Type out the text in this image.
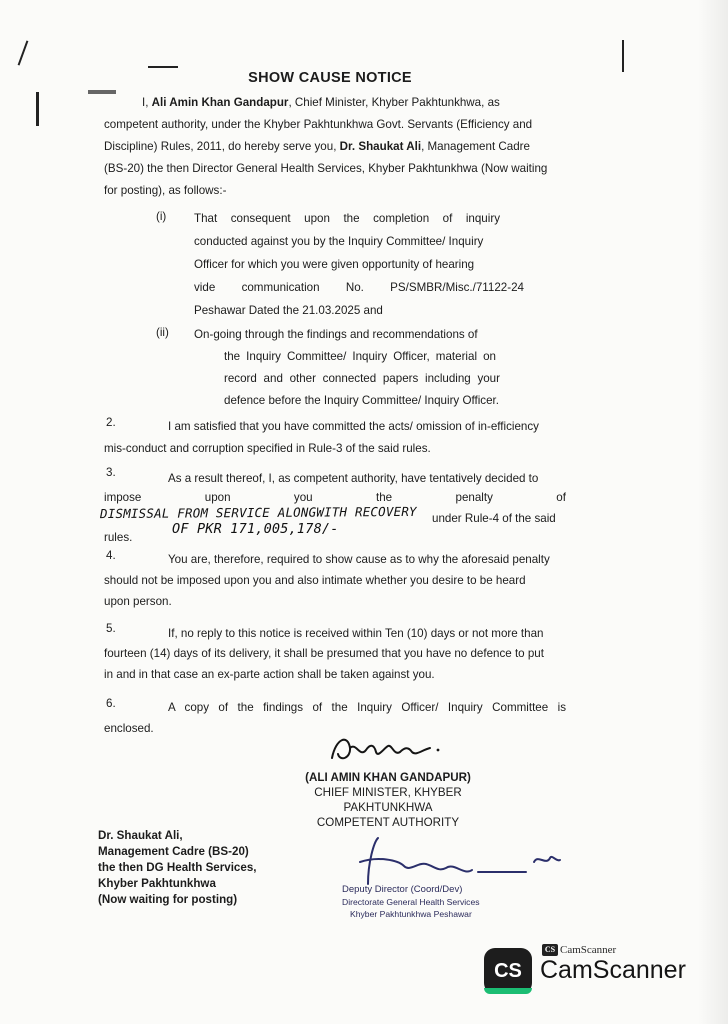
SHOW CAUSE NOTICE
I, Ali Amin Khan Gandapur, Chief Minister, Khyber Pakhtunkhwa, as
competent authority, under the Khyber Pakhtunkhwa Govt. Servants (Efficiency and
Discipline) Rules, 2011, do hereby serve you, Dr. Shaukat Ali, Management Cadre
(BS-20) the then Director General Health Services, Khyber Pakhtunkhwa (Now waiting
for posting), as follows:-
(i) That consequent upon the completion of inquiry
conducted against you by the Inquiry Committee/ Inquiry
Officer for which you were given opportunity of hearing
vide communication No. PS/SMBR/Misc./71122-24
Peshawar Dated the 21.03.2025 and
(ii) On-going through the findings and recommendations of
the Inquiry Committee/ Inquiry Officer, material on
record and other connected papers including your
defence before the Inquiry Committee/ Inquiry Officer.
2.	I am satisfied that you have committed the acts/ omission of in-efficiency
mis-conduct and corruption specified in Rule-3 of the said rules.
3.	As a result thereof, I, as competent authority, have tentatively decided to
impose	upon	you	the	penalty	of
DISMISSAL FROM SERVICE ALONGWITH RECOVERY under Rule-4 of the said
rules.
OF PKR 171,005,178/-
4.	You are, therefore, required to show cause as to why the aforesaid penalty
should not be imposed upon you and also intimate whether you desire to be heard
upon person.
5.	If, no reply to this notice is received within Ten (10) days or not more than
fourteen (14) days of its delivery, it shall be presumed that you have no defence to put
in and in that case an ex-parte action shall be taken against you.
6.	A copy of the findings of the Inquiry Officer/ Inquiry Committee is
enclosed.
(ALI AMIN KHAN GANDAPUR)
CHIEF MINISTER, KHYBER PAKHTUNKHWA
COMPETENT AUTHORITY
Dr. Shaukat Ali,
Management Cadre (BS-20)
the then DG Health Services,
Khyber Pakhtunkhwa
(Now waiting for posting)
Deputy Director (Coord/Dev)
Directorate General Health Services
Khyber Pakhtunkhwa Peshawar
CS
CS CamScanner
CamScanner
